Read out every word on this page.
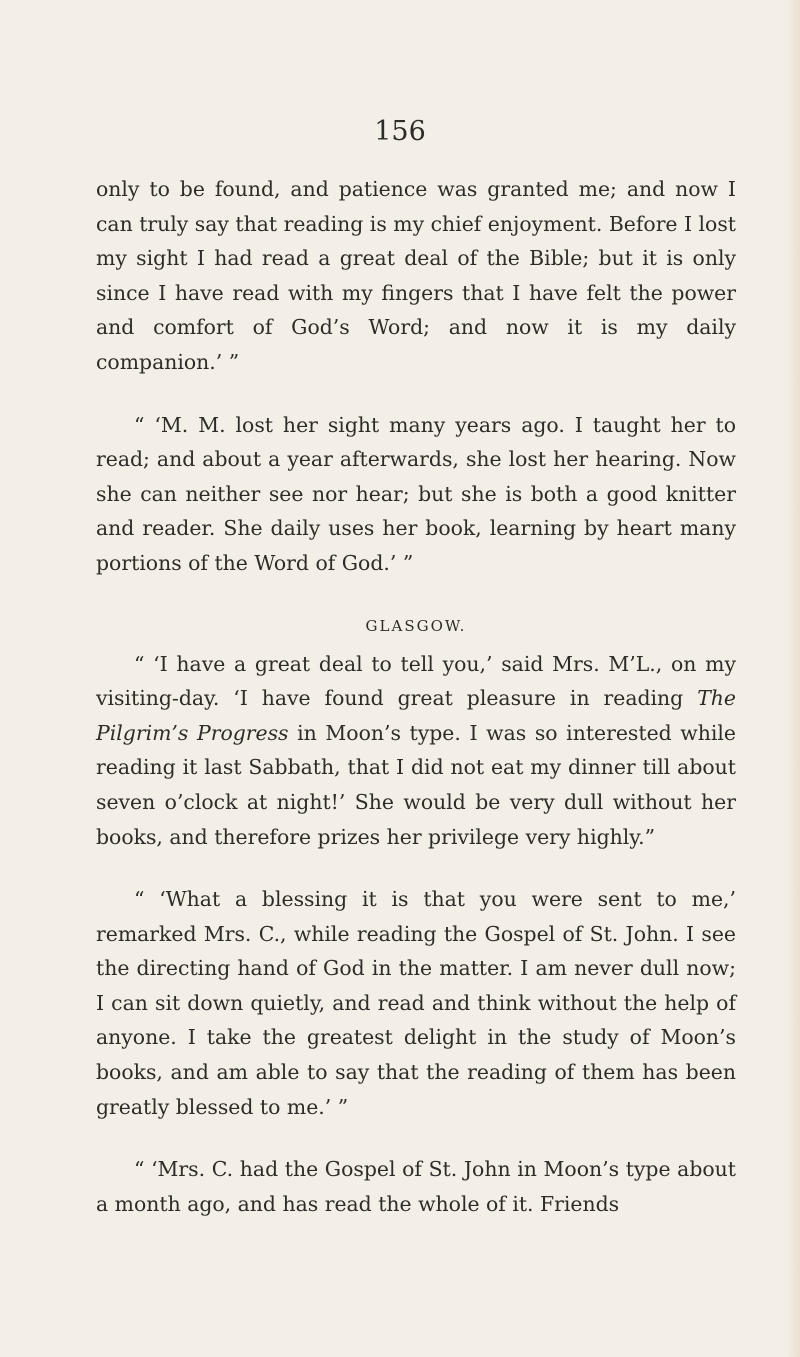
156

only to be found, and patience was granted me; and now I can truly say that reading is my chief enjoyment. Before I lost my sight I had read a great deal of the Bible; but it is only since I have read with my fingers that I have felt the power and comfort of God’s Word; and now it is my daily companion.’ ”

“ ‘M. M. lost her sight many years ago. I taught her to read; and about a year afterwards, she lost her hearing. Now she can neither see nor hear; but she is both a good knitter and reader. She daily uses her book, learning by heart many portions of the Word of God.’ ”

GLASGOW.

“ ‘I have a great deal to tell you,’ said Mrs. M’L., on my visiting-day. ‘I have found great pleasure in reading The Pilgrim’s Progress in Moon’s type. I was so interested while reading it last Sabbath, that I did not eat my dinner till about seven o’clock at night!’ She would be very dull without her books, and therefore prizes her privilege very highly.”

“ ‘What a blessing it is that you were sent to me,’ remarked Mrs. C., while reading the Gospel of St. John. I see the directing hand of God in the matter. I am never dull now; I can sit down quietly, and read and think without the help of anyone. I take the greatest delight in the study of Moon’s books, and am able to say that the reading of them has been greatly blessed to me.’ ”

“ ‘Mrs. C. had the Gospel of St. John in Moon’s type about a month ago, and has read the whole of it. Friends
